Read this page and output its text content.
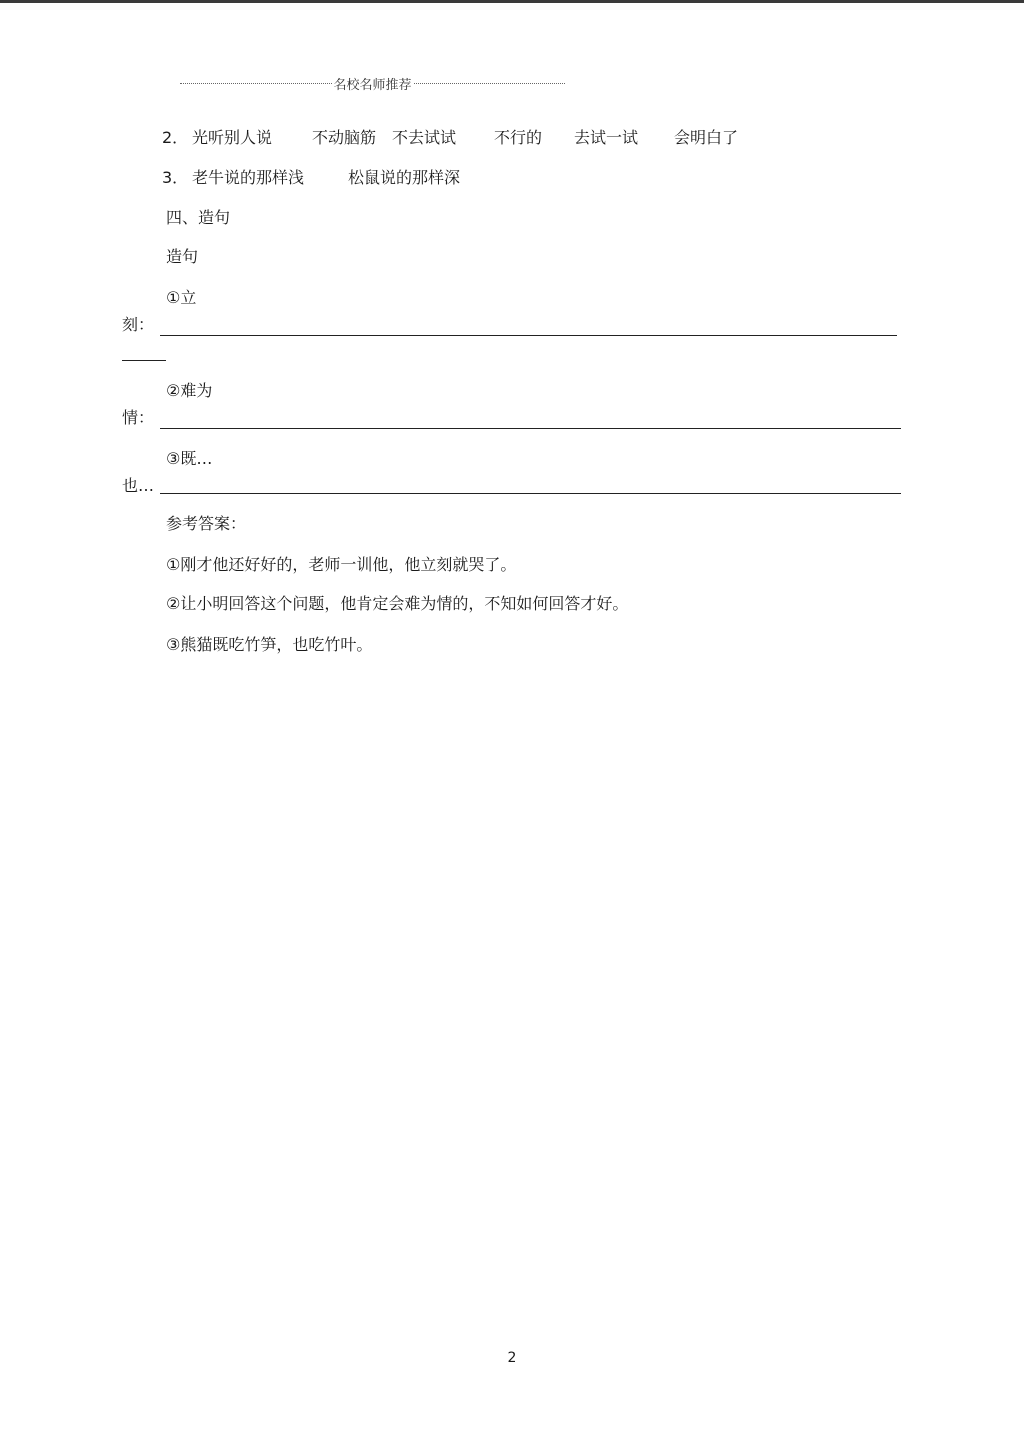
名校名师推荐
2． 光听别人说 不动脑筋 不去试试 不行的 去试一试 会明白了
3． 老牛说的那样浅	松鼠说的那样深
四、造句
造句
①立
刻：
②难为
情：
③既…
也…
参考答案：
①刚才他还好好的，老师一训他，他立刻就哭了。
②让小明回答这个问题，他肯定会难为情的，不知如何回答才好。
③熊猫既吃竹笋，也吃竹叶。
2
